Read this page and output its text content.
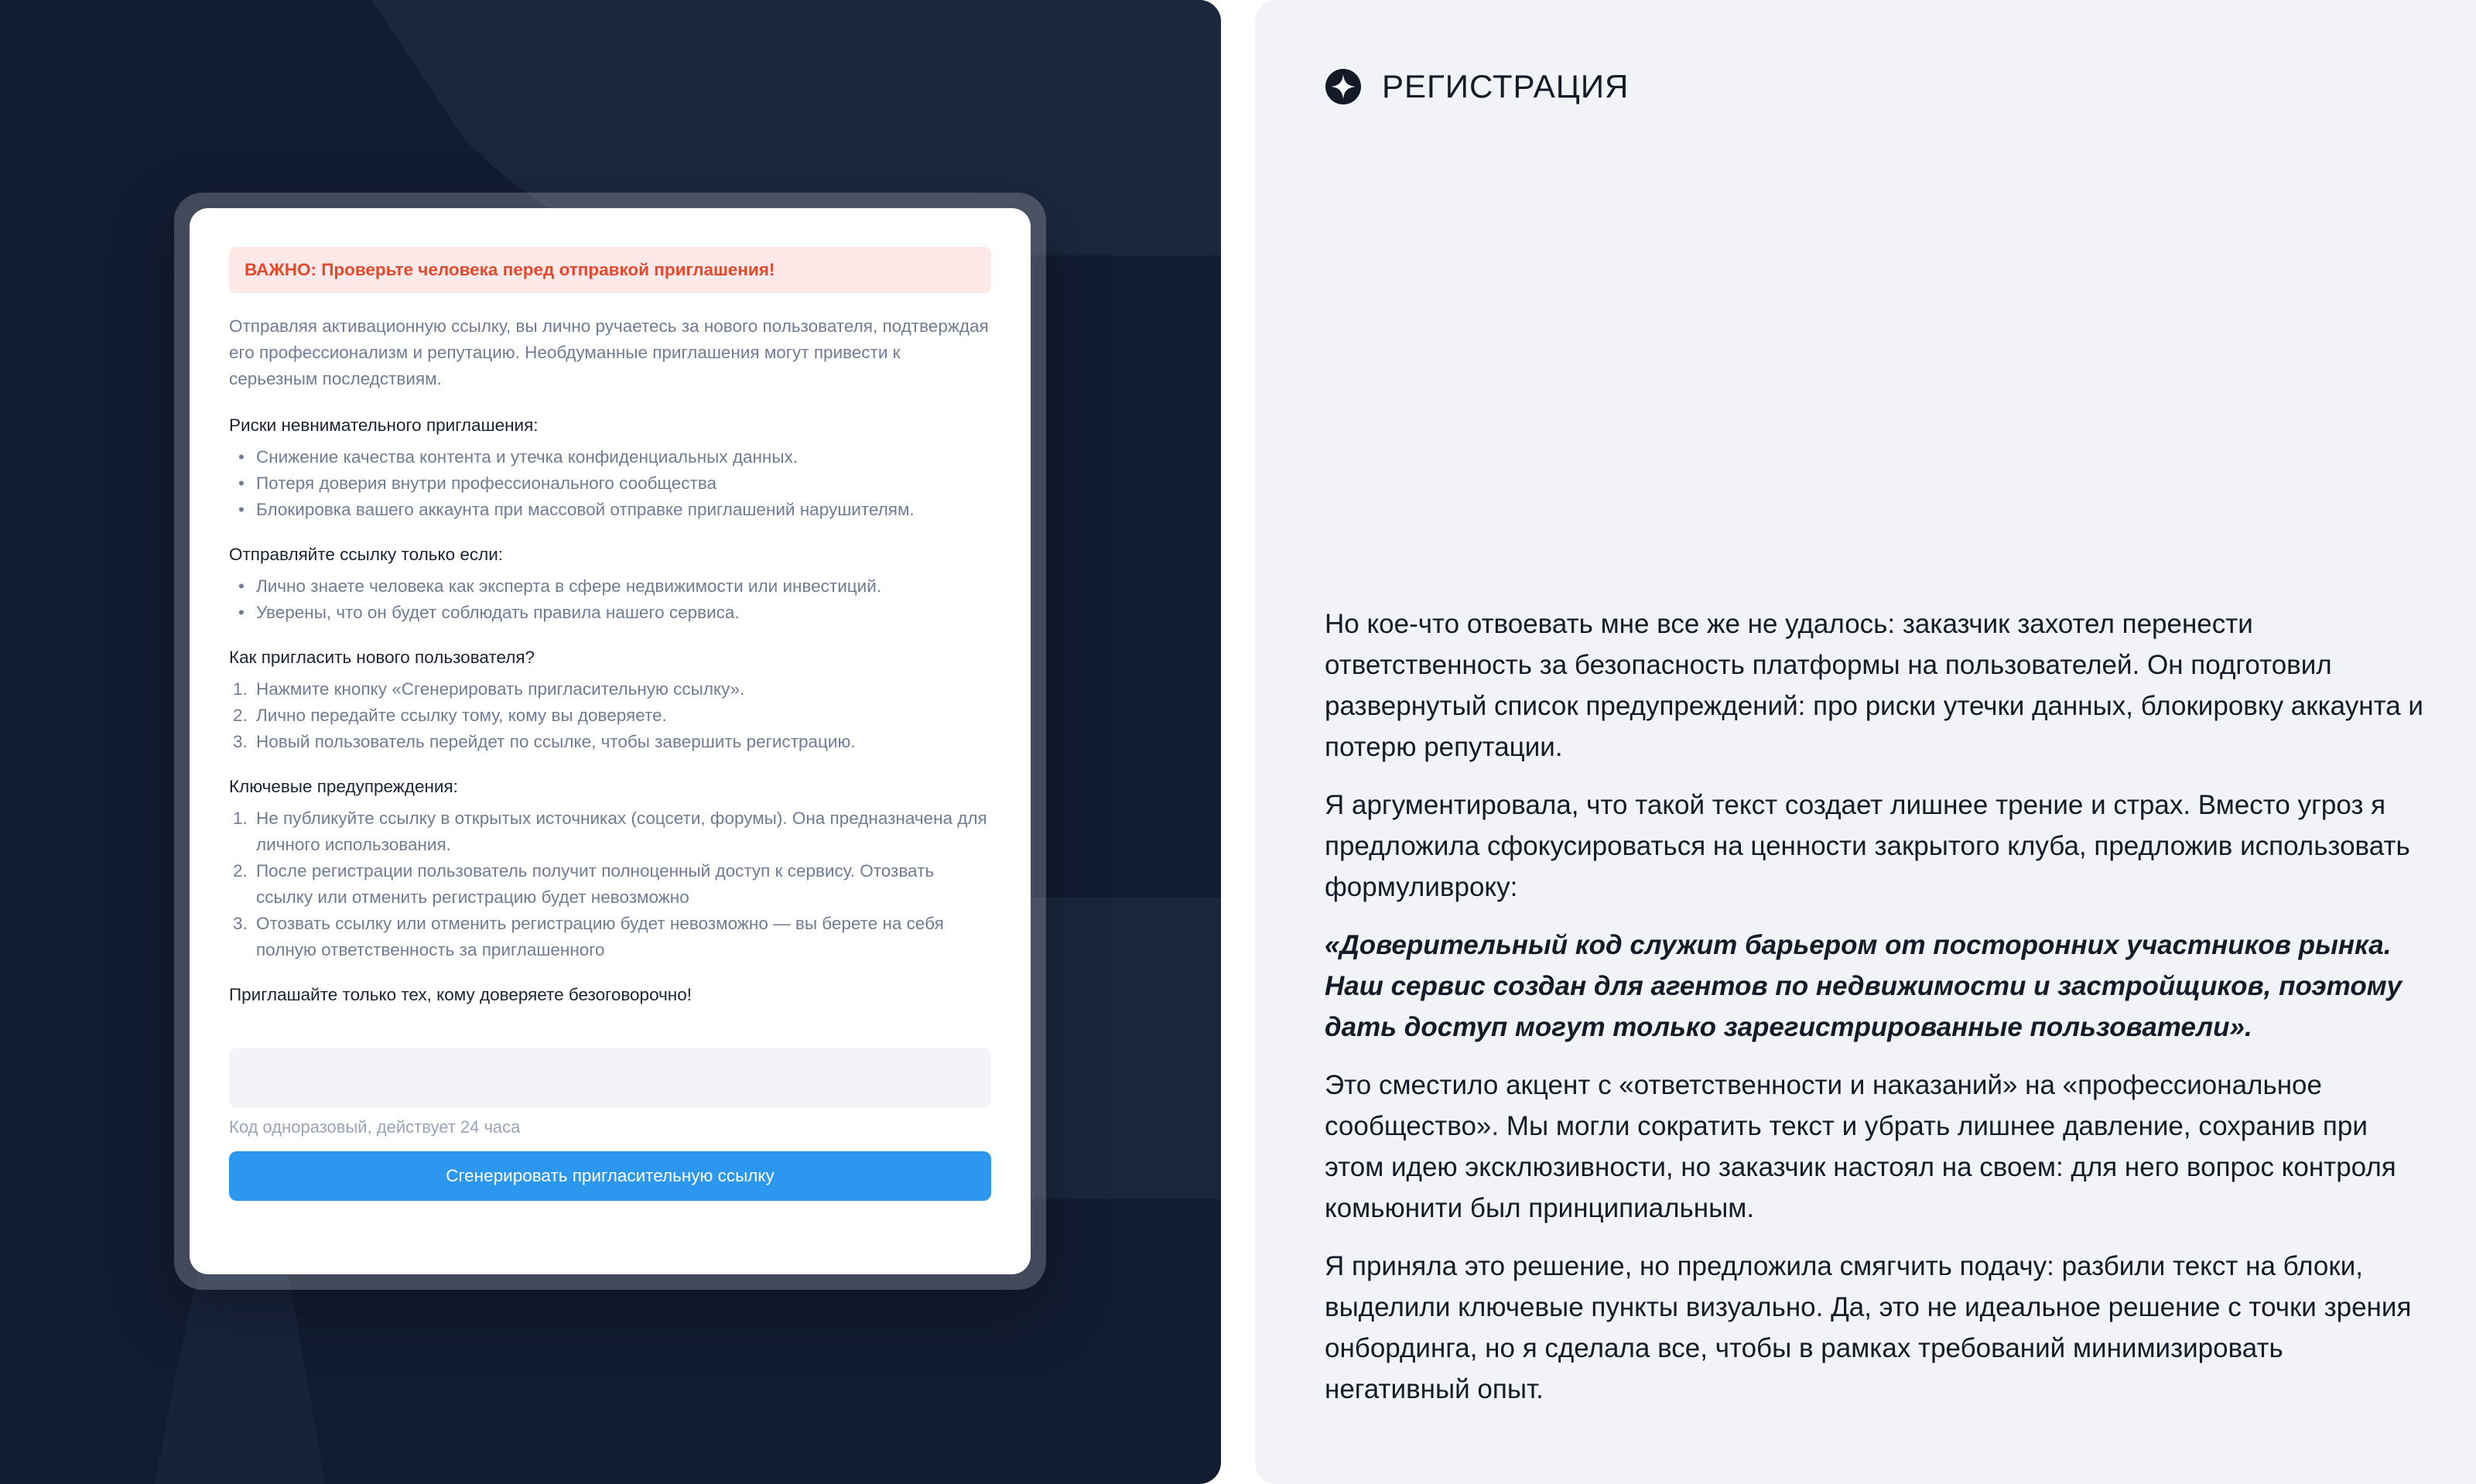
ВАЖНО: Проверьте человека перед отправкой приглашения!
Отправляя активационную ссылку, вы лично ручаетесь за нового пользователя, подтверждая его профессионализм и репутацию. Необдуманные приглашения могут привести к серьезным последствиям.
Риски невнимательного приглашения:
• Снижение качества контента и утечка конфиденциальных данных.
• Потеря доверия внутри профессионального сообщества
• Блокировка вашего аккаунта при массовой отправке приглашений нарушителям.
Отправляйте ссылку только если:
• Лично знаете человека как эксперта в сфере недвижимости или инвестиций.
• Уверены, что он будет соблюдать правила нашего сервиса.
Как пригласить нового пользователя?
1. Нажмите кнопку «Сгенерировать пригласительную ссылку».
2. Лично передайте ссылку тому, кому вы доверяете.
3. Новый пользователь перейдет по ссылке, чтобы завершить регистрацию.
Ключевые предупреждения:
1. Не публикуйте ссылку в открытых источниках (соцсети, форумы). Она предназначена для личного использования.
2. После регистрации пользователь получит полноценный доступ к сервису. Отозвать ссылку или отменить регистрацию будет невозможно
3. Отозвать ссылку или отменить регистрацию будет невозможно — вы берете на себя полную ответственность за приглашенного
Приглашайте только тех, кому доверяете безоговорочно!
Код одноразовый, действует 24 часа
Сгенерировать пригласительную ссылку
РЕГИСТРАЦИЯ

Но кое-что отвоевать мне все же не удалось: заказчик захотел перенести ответственность за безопасность платформы на пользователей. Он подготовил развернутый список предупреждений: про риски утечки данных, блокировку аккаунта и потерю репутации.

Я аргументировала, что такой текст создает лишнее трение и страх. Вместо угроз я предложила сфокусироваться на ценности закрытого клуба, предложив использовать формуливроку:

«Доверительный код служит барьером от посторонних участников рынка. Наш сервис создан для агентов по недвижимости и застройщиков, поэтому дать доступ могут только зарегистрированные пользователи».

Это сместило акцент с «ответственности и наказаний» на «профессиональное сообщество». Мы могли сократить текст и убрать лишнее давление, сохранив при этом идею эксклюзивности, но заказчик настоял на своем: для него вопрос контроля комьюнити был принципиальным.

Я приняла это решение, но предложила смягчить подачу: разбили текст на блоки, выделили ключевые пункты визуально. Да, это не идеальное решение с точки зрения онбординга, но я сделала все, чтобы в рамках требований минимизировать негативный опыт.
